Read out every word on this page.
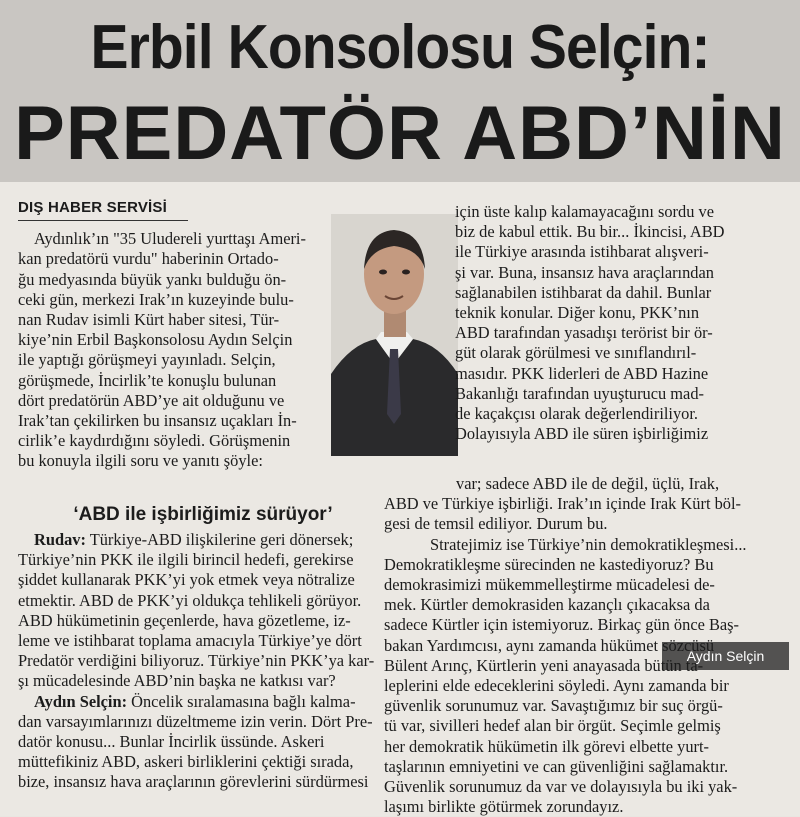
Erbil Konsolosu Selçin:
PREDATÖR ABD’NİN
DIŞ HABER SERVİSİ
Aydınlık’ın "35 Uludereli yurttaşı Ameri-
kan predatörü vurdu" haberinin Ortado-
ğu medyasında büyük yankı bulduğu ön-
ceki gün, merkezi Irak’ın kuzeyinde bulu-
nan Rudav isimli Kürt haber sitesi, Tür-
kiye’nin Erbil Başkonsolosu Aydın Selçin
ile yaptığı görüşmeyi yayınladı. Selçin,
görüşmede, İncirlik’te konuşlu bulunan
dört predatörün ABD’ye ait olduğunu ve
Irak’tan çekilirken bu insansız uçakları İn-
cirlik’e kaydırdığını söyledi. Görüşmenin
bu konuyla ilgili soru ve yanıtı şöyle:
Aydın Selçin
‘ABD ile işbirliğimiz sürüyor’
Rudav: Türkiye-ABD ilişkilerine geri dönersek;
Türkiye’nin PKK ile ilgili birincil hedefi, gerekirse
şiddet kullanarak PKK’yi yok etmek veya nötralize
etmektir. ABD de PKK’yi oldukça tehlikeli görüyor.
ABD hükümetinin geçenlerde, hava gözetleme, iz-
leme ve istihbarat toplama amacıyla Türkiye’ye dört
Predatör verdiğini biliyoruz. Türkiye’nin PKK’ya kar-
şı mücadelesinde ABD’nin başka ne katkısı var?
Aydın Selçin: Öncelik sıralamasına bağlı kalma-
dan varsayımlarınızı düzeltmeme izin verin. Dört Pre-
datör konusu... Bunlar İncirlik üssünde. Askeri
müttefikiniz ABD, askeri birliklerini çektiği sırada,
bize, insansız hava araçlarının görevlerini sürdürmesi
için üste kalıp kalamayacağını sordu ve
biz de kabul ettik. Bu bir... İkincisi, ABD
ile Türkiye arasında istihbarat alışveri-
şi var. Buna, insansız hava araçlarından
sağlanabilen istihbarat da dahil. Bunlar
teknik konular. Diğer konu, PKK’nın
ABD tarafından yasadışı terörist bir ör-
güt olarak görülmesi ve sınıflandırıl-
masıdır. PKK liderleri de ABD Hazine
Bakanlığı tarafından uyuşturucu mad-
de kaçakçısı olarak değerlendiriliyor.
Dolayısıyla ABD ile süren işbirliğimiz
var; sadece ABD ile de değil, üçlü, Irak,
ABD ve Türkiye işbirliği. Irak’ın içinde Irak Kürt böl-
gesi de temsil ediliyor. Durum bu.
Stratejimiz ise Türkiye’nin demokratikleşmesi...
Demokratikleşme sürecinden ne kastediyoruz? Bu
demokrasimizi mükemmelleştirme mücadelesi de-
mek. Kürtler demokrasiden kazançlı çıkacaksa da
sadece Kürtler için istemiyoruz. Birkaç gün önce Baş-
bakan Yardımcısı, aynı zamanda hükümet sözcüsü
Bülent Arınç, Kürtlerin yeni anayasada bütün ta-
leplerini elde edeceklerini söyledi. Aynı zamanda bir
güvenlik sorunumuz var. Savaştığımız bir suç örgü-
tü var, sivilleri hedef alan bir örgüt. Seçimle gelmiş
her demokratik hükümetin ilk görevi elbette yurt-
taşlarının emniyetini ve can güvenliğini sağlamaktır.
Güvenlik sorunumuz da var ve dolayısıyla bu iki yak-
laşımı birlikte götürmek zorundayız.
